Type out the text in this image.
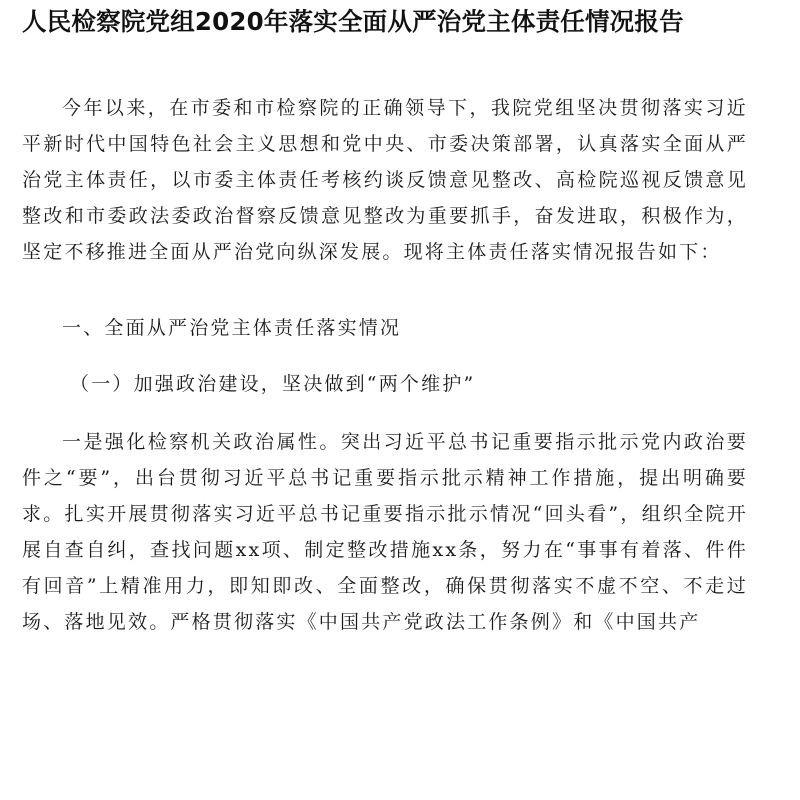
人民检察院党组2020年落实全面从严治党主体责任情况报告

今年以来，在市委和市检察院的正确领导下，我院党组坚决贯彻落实习近平新时代中国特色社会主义思想和党中央、市委决策部署，认真落实全面从严治党主体责任，以市委主体责任考核约谈反馈意见整改、高检院巡视反馈意见整改和市委政法委政治督察反馈意见整改为重要抓手，奋发进取，积极作为，坚定不移推进全面从严治党向纵深发展。现将主体责任落实情况报告如下：

一、全面从严治党主体责任落实情况

（一）加强政治建设，坚决做到“两个维护”

一是强化检察机关政治属性。突出习近平总书记重要指示批示党内政治要件之“要”，出台贯彻习近平总书记重要指示批示精神工作措施，提出明确要求。扎实开展贯彻落实习近平总书记重要指示批示情况“回头看”，组织全院开展自查自纠，查找问题xx项、制定整改措施xx条，努力在“事事有着落、件件有回音”上精准用力，即知即改、全面整改，确保贯彻落实不虚不空、不走过场、落地见效。严格贯彻落实《中国共产党政法工作条例》和《中国共产
